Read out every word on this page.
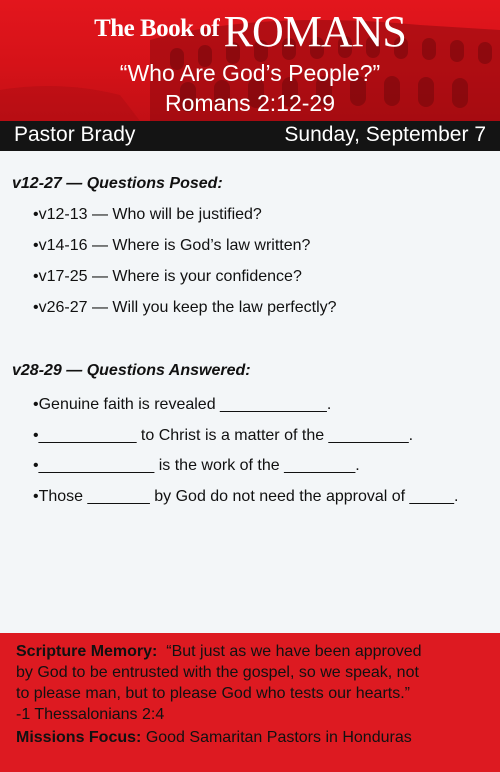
The Book of ROMANS
“Who Are God’s People?”
Romans 2:12-29
Pastor Brady	Sunday, September 7
v12-27 — Questions Posed:
•v12-13 — Who will be justified?
•v14-16 — Where is God’s law written?
•v17-25 — Where is your confidence?
•v26-27 — Will you keep the law perfectly?
v28-29 — Questions Answered:
•Genuine faith is revealed ____________.
•___________ to Christ is a matter of the _________.
•_____________ is the work of the ________.
•Those _______ by God do not need the approval of _____.
Scripture Memory: “But just as we have been approved
by God to be entrusted with the gospel, so we speak, not
to please man, but to please God who tests our hearts.”
-1 Thessalonians 2:4
Missions Focus: Good Samaritan Pastors in Honduras
